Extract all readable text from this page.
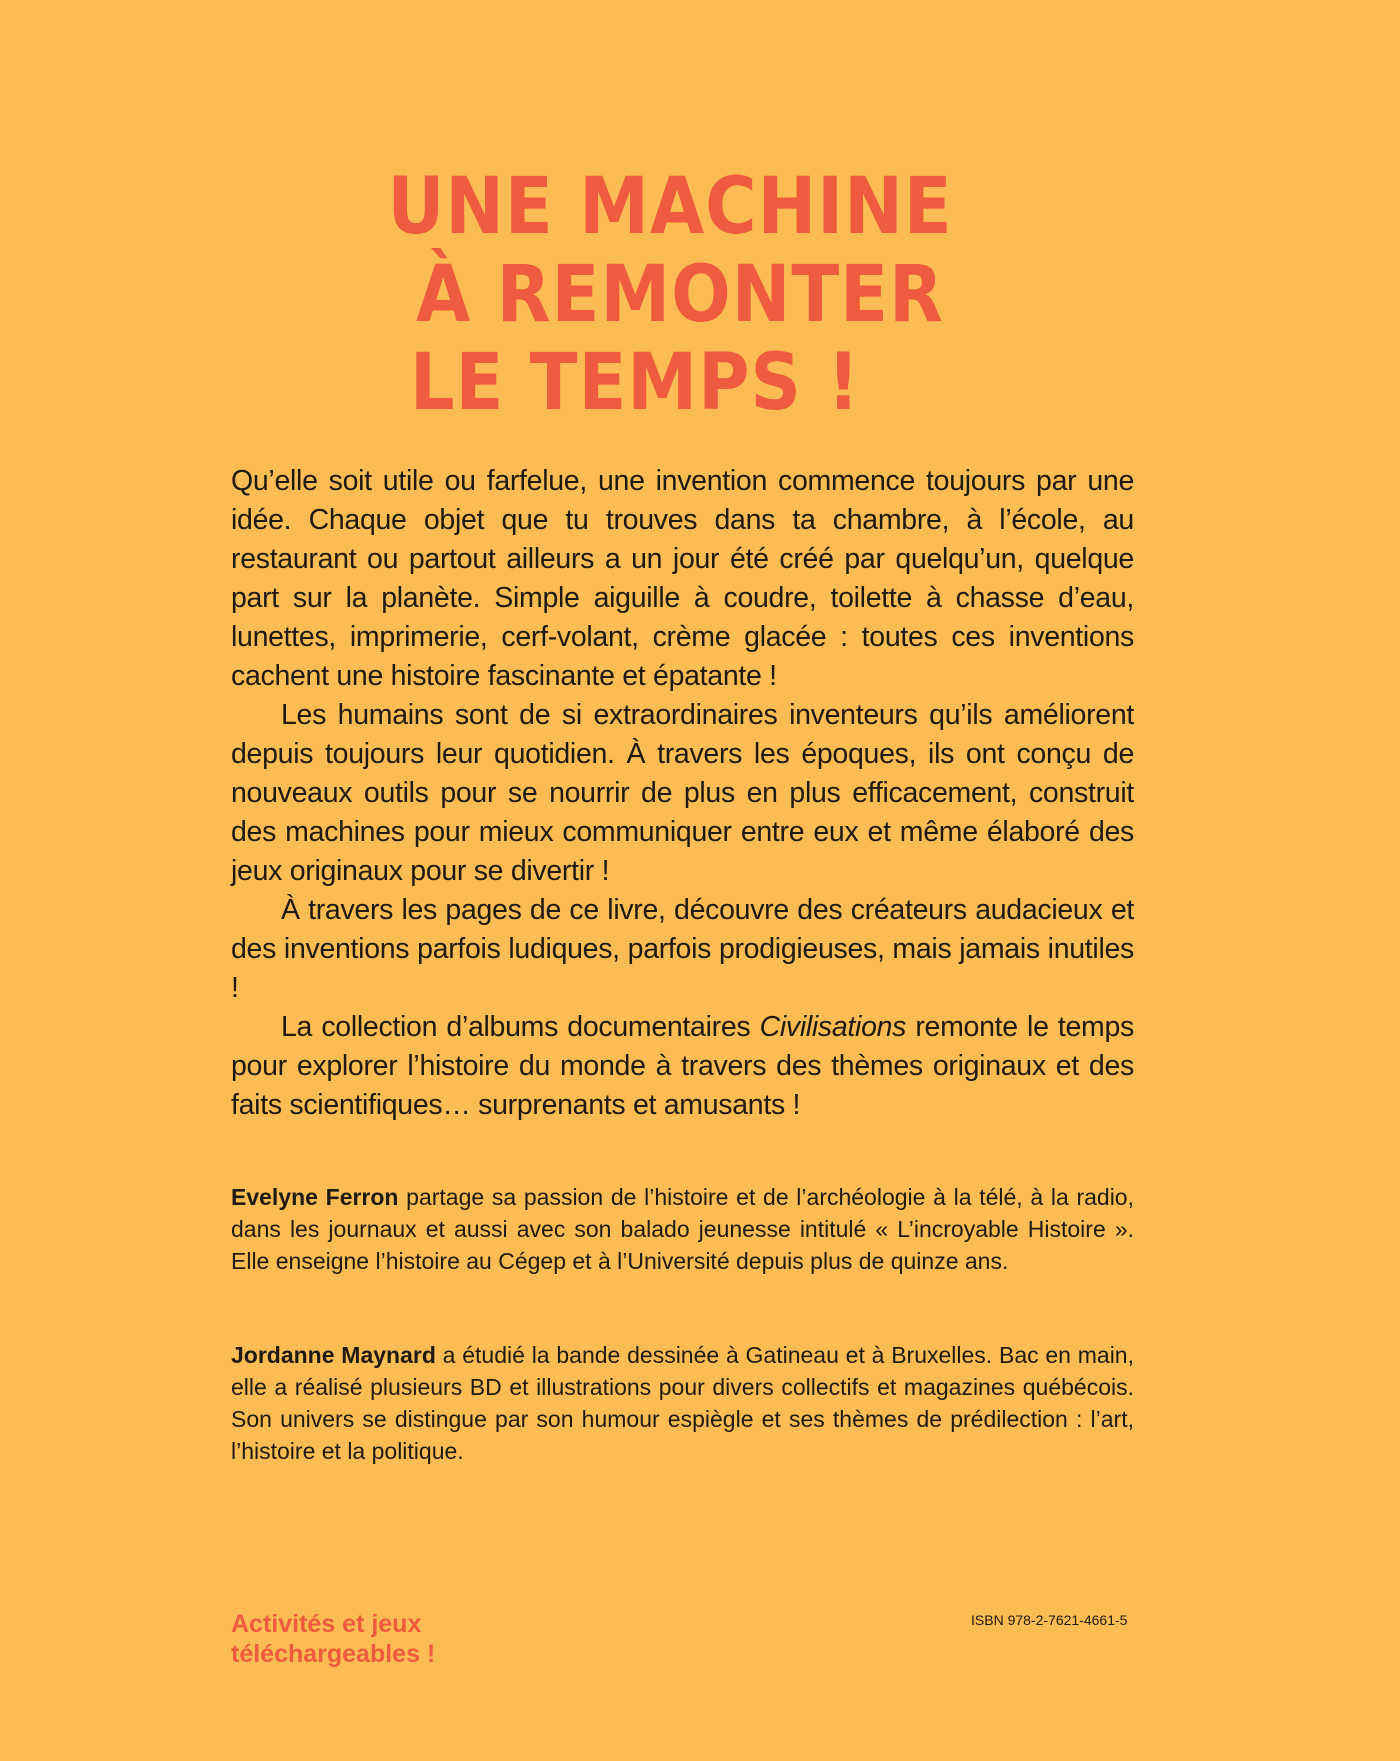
UNE MACHINE
À REMONTER
LE TEMPS !

Qu’elle soit utile ou farfelue, une invention commence toujours par une idée. Chaque objet que tu trouves dans ta chambre, à l’école, au restaurant ou partout ailleurs a un jour été créé par quelqu’un, quelque part sur la planète. Simple aiguille à coudre, toilette à chasse d’eau, lunettes, imprimerie, cerf-volant, crème glacée : toutes ces inventions cachent une histoire fascinante et épatante !

Les humains sont de si extraordinaires inventeurs qu’ils améliorent depuis toujours leur quotidien. À travers les époques, ils ont conçu de nouveaux outils pour se nourrir de plus en plus efficacement, construit des machines pour mieux communiquer entre eux et même élaboré des jeux originaux pour se divertir !

À travers les pages de ce livre, découvre des créateurs audacieux et des inventions parfois ludiques, parfois prodigieuses, mais jamais inutiles !

La collection d’albums documentaires Civilisations remonte le temps pour explorer l’histoire du monde à travers des thèmes originaux et des faits scientifiques… surprenants et amusants !

Evelyne Ferron partage sa passion de l’histoire et de l’archéologie à la télé, à la radio, dans les journaux et aussi avec son balado jeunesse intitulé « L’incroyable Histoire ». Elle enseigne l’histoire au Cégep et à l’Université depuis plus de quinze ans.

Jordanne Maynard a étudié la bande dessinée à Gatineau et à Bruxelles. Bac en main, elle a réalisé plusieurs BD et illustrations pour divers collectifs et magazines québécois. Son univers se distingue par son humour espiègle et ses thèmes de prédilection : l’art, l’histoire et la politique.

Activités et jeux
téléchargeables !

ISBN 978-2-7621-4661-5
